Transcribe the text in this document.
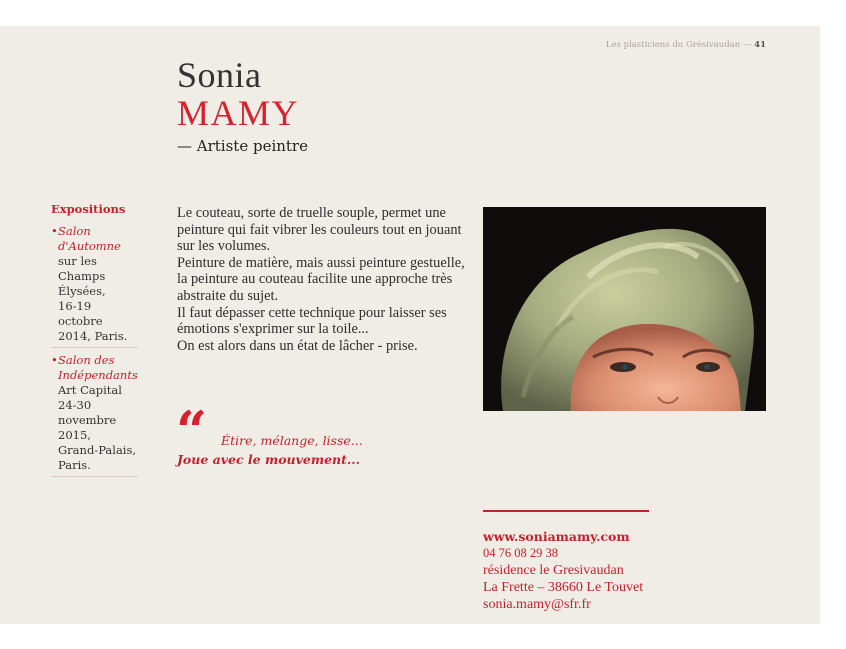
Les plasticiens du Grésivaudan — 41
Sonia
MAMY
— Artiste peintre
Expositions
• Salon d'Automne
sur les
Champs
Élysées,
16-19 octobre
2014, Paris.
• Salon des Indépendants
Art Capital
24-30
novembre
2015,
Grand-Palais,
Paris.

Le couteau, sorte de truelle souple, permet une peinture qui fait vibrer les couleurs tout en jouant sur les volumes.

Peinture de matière, mais aussi peinture gestuelle, la peinture au couteau facilite une approche très abstraite du sujet.

Il faut dépasser cette technique pour laisser ses émotions s'exprimer sur la toile...

On est alors dans un état de lâcher - prise.

“ Étire, mélange, lisse...
Joue avec le mouvement...
www.soniamamy.com
04 76 08 29 38
résidence le Gresivaudan
La Frette – 38660 Le Touvet
sonia.mamy@sfr.fr
